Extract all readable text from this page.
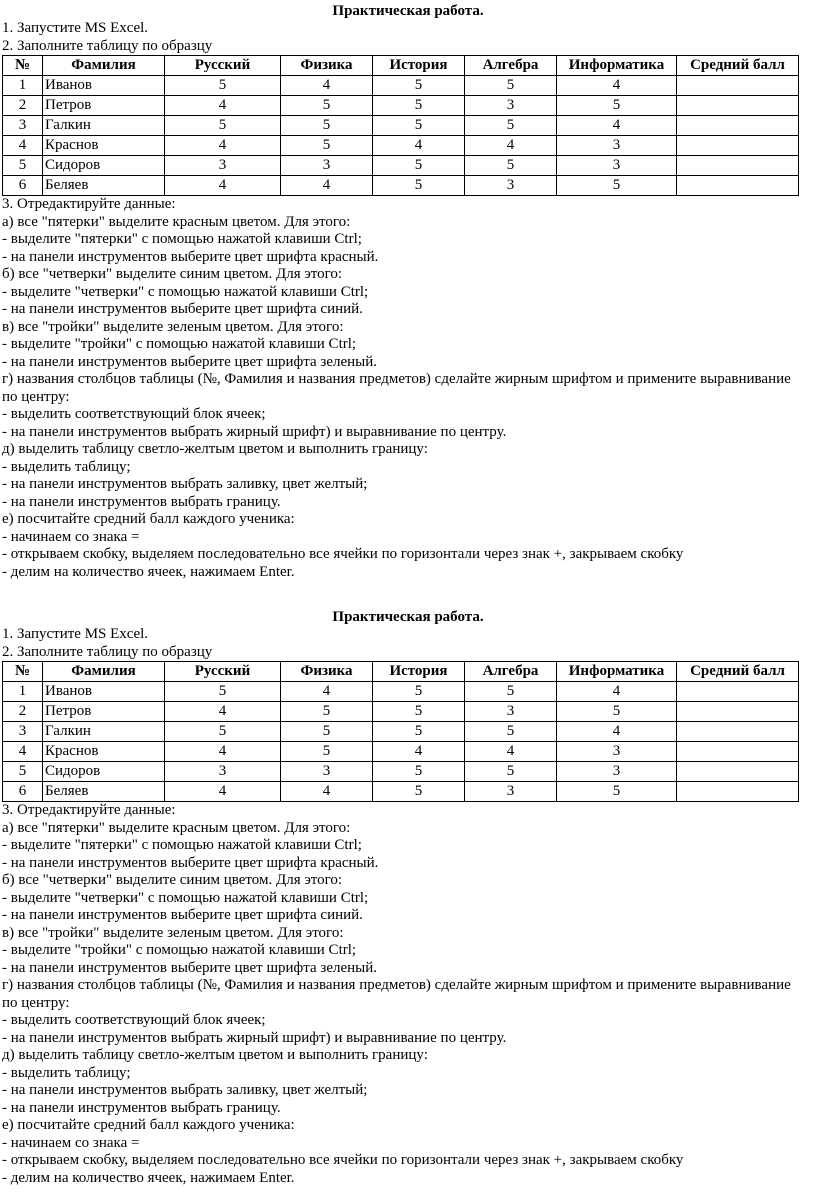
Практическая работа.
1. Запустите MS Excel.
2. Заполните таблицу по образцу
№	Фамилия	Русский	Физика	История	Алгебра	Информатика	Средний балл
1	Иванов	5	4	5	5	4	
2	Петров	4	5	5	3	5	
3	Галкин	5	5	5	5	4	
4	Краснов	4	5	4	4	3	
5	Сидоров	3	3	5	5	3	
6	Беляев	4	4	5	3	5	
3. Отредактируйте данные:
а) все "пятерки" выделите красным цветом. Для этого:
- выделите "пятерки" с помощью нажатой клавиши Ctrl;
- на панели инструментов выберите цвет шрифта красный.
б) все "четверки" выделите синим цветом. Для этого:
- выделите "четверки" с помощью нажатой клавиши Ctrl;
- на панели инструментов выберите цвет шрифта синий.
в) все "тройки" выделите зеленым цветом. Для этого:
- выделите "тройки" с помощью нажатой клавиши Ctrl;
- на панели инструментов выберите цвет шрифта зеленый.
г) названия столбцов таблицы (№, Фамилия и названия предметов) сделайте жирным шрифтом и примените выравнивание
по центру:
- выделить соответствующий блок ячеек;
- на панели инструментов выбрать жирный шрифт) и выравнивание по центру.
д) выделить таблицу светло-желтым цветом и выполнить границу:
- выделить таблицу;
- на панели инструментов выбрать заливку, цвет желтый;
- на панели инструментов выбрать границу.
е) посчитайте средний балл каждого ученика:
- начинаем со знака =
- открываем скобку, выделяем последовательно все ячейки по горизонтали через знак +, закрываем скобку
- делим на количество ячеек, нажимаем Enter.
Практическая работа.
1. Запустите MS Excel.
2. Заполните таблицу по образцу
№	Фамилия	Русский	Физика	История	Алгебра	Информатика	Средний балл
1	Иванов	5	4	5	5	4	
2	Петров	4	5	5	3	5	
3	Галкин	5	5	5	5	4	
4	Краснов	4	5	4	4	3	
5	Сидоров	3	3	5	5	3	
6	Беляев	4	4	5	3	5	
3. Отредактируйте данные:
а) все "пятерки" выделите красным цветом. Для этого:
- выделите "пятерки" с помощью нажатой клавиши Ctrl;
- на панели инструментов выберите цвет шрифта красный.
б) все "четверки" выделите синим цветом. Для этого:
- выделите "четверки" с помощью нажатой клавиши Ctrl;
- на панели инструментов выберите цвет шрифта синий.
в) все "тройки" выделите зеленым цветом. Для этого:
- выделите "тройки" с помощью нажатой клавиши Ctrl;
- на панели инструментов выберите цвет шрифта зеленый.
г) названия столбцов таблицы (№, Фамилия и названия предметов) сделайте жирным шрифтом и примените выравнивание
по центру:
- выделить соответствующий блок ячеек;
- на панели инструментов выбрать жирный шрифт) и выравнивание по центру.
д) выделить таблицу светло-желтым цветом и выполнить границу:
- выделить таблицу;
- на панели инструментов выбрать заливку, цвет желтый;
- на панели инструментов выбрать границу.
е) посчитайте средний балл каждого ученика:
- начинаем со знака =
- открываем скобку, выделяем последовательно все ячейки по горизонтали через знак +, закрываем скобку
- делим на количество ячеек, нажимаем Enter.
